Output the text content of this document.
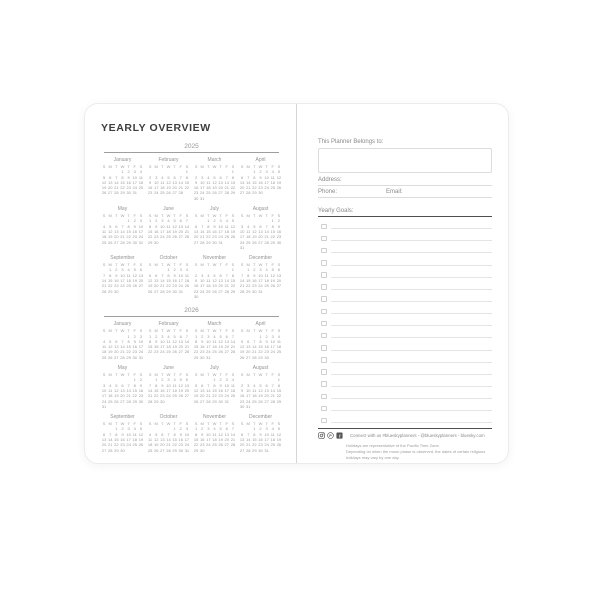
YEARLY OVERVIEW
2025
January
S M T W T F S
1 2 3 4
5 6 7 8 9 10 11
12 13 14 15 16 17 18
19 20 21 22 23 24 25
26 27 28 29 30 31
February
S M T W T F S
1
2 3 4 5 6 7 8
9 10 11 12 13 14 15
16 17 18 19 20 21 22
23 24 25 26 27 28
March
S M T W T F S
1
2 3 4 5 6 7 8
9 10 11 12 13 14 15
16 17 18 19 20 21 22
23 24 25 26 27 28 29
30 31
April
S M T W T F S
1 2 3 4 5
6 7 8 9 10 11 12
13 14 15 16 17 18 19
20 21 22 23 24 25 26
27 28 29 30
May
S M T W T F S
1 2 3
4 5 6 7 8 9 10
11 12 13 14 15 16 17
18 19 20 21 22 23 24
25 26 27 28 29 30 31
June
S M T W T F S
1 2 3 4 5 6 7
8 9 10 11 12 13 14
15 16 17 18 19 20 21
22 23 24 25 26 27 28
29 30
July
S M T W T F S
1 2 3 4 5
6 7 8 9 10 11 12
13 14 15 16 17 18 19
20 21 22 23 24 25 26
27 28 29 30 31
August
S M T W T F S
1 2
3 4 5 6 7 8 9
10 11 12 13 14 15 16
17 18 19 20 21 22 23
24 25 26 27 28 29 30
31
September
S M T W T F S
1 2 3 4 5 6
7 8 9 10 11 12 13
14 15 16 17 18 19 20
21 22 23 24 25 26 27
28 29 30
October
S M T W T F S
1 2 3 4
5 6 7 8 9 10 11
12 13 14 15 16 17 18
19 20 21 22 23 24 25
26 27 28 29 30 31
November
S M T W T F S
1
2 3 4 5 6 7 8
9 10 11 12 13 14 15
16 17 18 19 20 21 22
23 24 25 26 27 28 29
30
December
S M T W T F S
1 2 3 4 5 6
7 8 9 10 11 12 13
14 15 16 17 18 19 20
21 22 23 24 25 26 27
28 29 30 31
2026
January
S M T W T F S
1 2 3
4 5 6 7 8 9 10
11 12 13 14 15 16 17
18 19 20 21 22 23 24
25 26 27 28 29 30 31
February
S M T W T F S
1 2 3 4 5 6 7
8 9 10 11 12 13 14
15 16 17 18 19 20 21
22 23 24 25 26 27 28
March
S M T W T F S
1 2 3 4 5 6 7
8 9 10 11 12 13 14
15 16 17 18 19 20 21
22 23 24 25 26 27 28
29 30 31
April
S M T W T F S
1 2 3 4
5 6 7 8 9 10 11
12 13 14 15 16 17 18
19 20 21 22 23 24 25
26 27 28 29 30
May
S M T W T F S
1 2
3 4 5 6 7 8 9
10 11 12 13 14 15 16
17 18 19 20 21 22 23
24 25 26 27 28 29 30
31
June
S M T W T F S
1 2 3 4 5 6
7 8 9 10 11 12 13
14 15 16 17 18 19 20
21 22 23 24 25 26 27
28 29 30
July
S M T W T F S
1 2 3 4
5 6 7 8 9 10 11
12 13 14 15 16 17 18
19 20 21 22 23 24 25
26 27 28 29 30 31
August
S M T W T F S
1
2 3 4 5 6 7 8
9 10 11 12 13 14 15
16 17 18 19 20 21 22
23 24 25 26 27 28 29
30 31
September
S M T W T F S
1 2 3 4 5
6 7 8 9 10 11 12
13 14 15 16 17 18 19
20 21 22 23 24 25 26
27 28 29 30
October
S M T W T F S
1 2 3
4 5 6 7 8 9 10
11 12 13 14 15 16 17
18 19 20 21 22 23 24
25 26 27 28 29 30 31
November
S M T W T F S
1 2 3 4 5 6 7
8 9 10 11 12 13 14
15 16 17 18 19 20 21
22 23 24 25 26 27 28
29 30
December
S M T W T F S
1 2 3 4 5
6 7 8 9 10 11 12
13 14 15 16 17 18 19
20 21 22 23 24 25 26
27 28 29 30 31
This Planner Belongs to:
Address:
Phone:	Email:
Yearly Goals:
P f Connect with us #blueskyplanners - @blueskyplanners - bluesky.com
Holidays are representative of the Pacific Time Zone.
Depending on when the moon phase is observed, the dates of certain religious
holidays may vary by one day.
